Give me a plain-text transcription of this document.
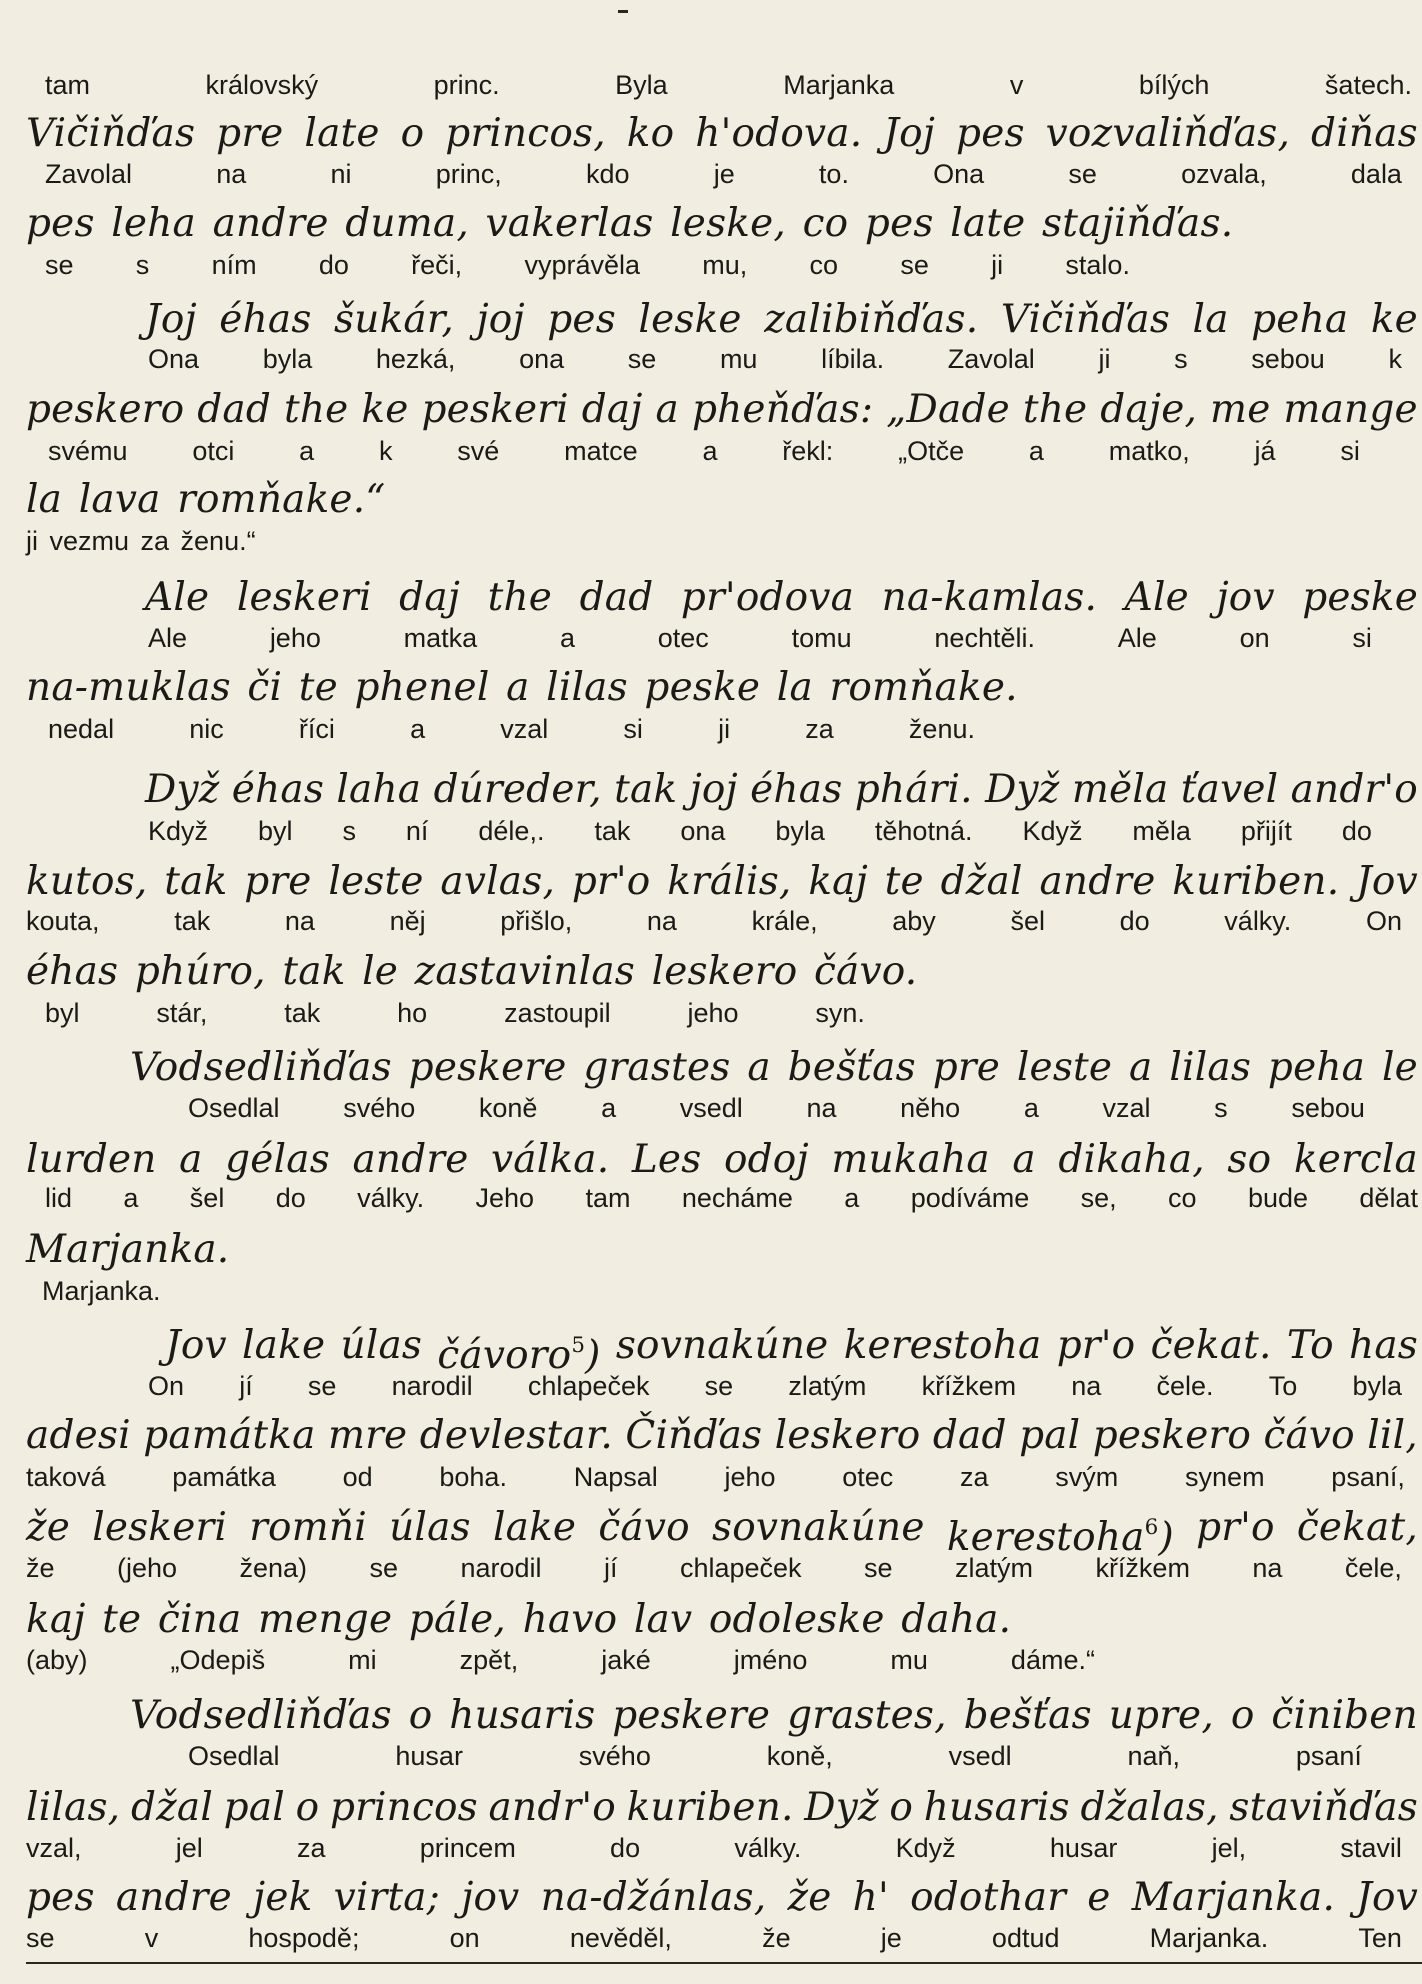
tam	královský	princ.	Byla	Marjanka	v	bílých	šatech.
Vičiňďas pre late o princos, ko h'odova. Joj pes vozvaliňďas, diňas
Zavolal	na	ni	princ,	kdo	je	to.	Ona	se	ozvala,	dala
pes leha andre duma, vakerlas leske, co pes late stajiňďas.
se s ním do řeči, vyprávěla mu, co se ji stalo.
Joj éhas šukár, joj pes leske zalibiňďas. Vičiňďas la peha ke
Ona byla hezká, ona se mu líbila. Zavolal ji s sebou k
peskero dad the ke peskeri daj a pheňďas: „Dade the daje, me mange
svému otci a k své matce a řekl: „Otče a matko, já si
la lava romňake.“
ji vezmu za ženu.“
Ale leskeri daj the dad pr'odova na-kamlas. Ale jov peske
Ale	jeho	matka	a	otec	tomu	nechtěli.	Ale	on	si
na-muklas či te phenel a lilas peske la romňake.
nedal	nic	říci	a	vzal	si	ji	za	ženu.
Dyž éhas laha dúreder, tak joj éhas phári. Dyž měla ťavel andr'o
Když byl s ní déle,. tak ona byla těhotná. Když měla přijít do
kutos, tak pre leste avlas, pr'o krális, kaj te džal andre kuriben. Jov
kouta,	tak	na	něj	přišlo,	na	krále,	aby	šel	do	války.	On
éhas phúro, tak le zastavinlas leskero čávo.
byl	stár,	tak	ho	zastoupil	jeho	syn.
Vodsedliňďas peskere grastes a bešťas pre leste a lilas peha le
Osedlal svého koně a vsedl na něho a vzal s sebou
lurden a gélas andre válka. Les odoj mukaha a dikaha, so kercla
lid a šel do války. Jeho tam necháme a podíváme se, co bude dělat
Marjanka.
Marjanka.
Jov lake úlas čávoro$^5$) sovnakúne kerestoha pr'o čekat. To has
On jí se narodil chlapeček se zlatým křížkem na čele. To byla
adesi památka mre devlestar. Čiňďas leskero dad pal peskero čávo lil,
taková památka od boha. Napsal jeho otec za svým synem psaní,
že leskeri romňi úlas lake čávo sovnakúne kerestoha$^6$) pr'o čekat,
že (jeho žena) se narodil jí chlapeček se zlatým křížkem na čele,
kaj te čina menge pále, havo lav odoleske daha.
(aby)	„Odepiš	mi	zpět,	jaké	jméno	mu	dáme.“
Vodsedliňďas o husaris peskere grastes, bešťas upre, o činiben
Osedlal	husar	svého	koně,	vsedl	naň,	psaní
lilas, džal pal o princos andr'o kuriben. Dyž o husaris džalas, staviňďas
vzal,	jel	za	princem	do	války.	Když	husar	jel,	stavil
pes andre jek virta; jov na-džánlas, že h' odothar e Marjanka. Jov
se	v	hospodě;	on	nevěděl,	že	je	odtud	Marjanka.	Ten
